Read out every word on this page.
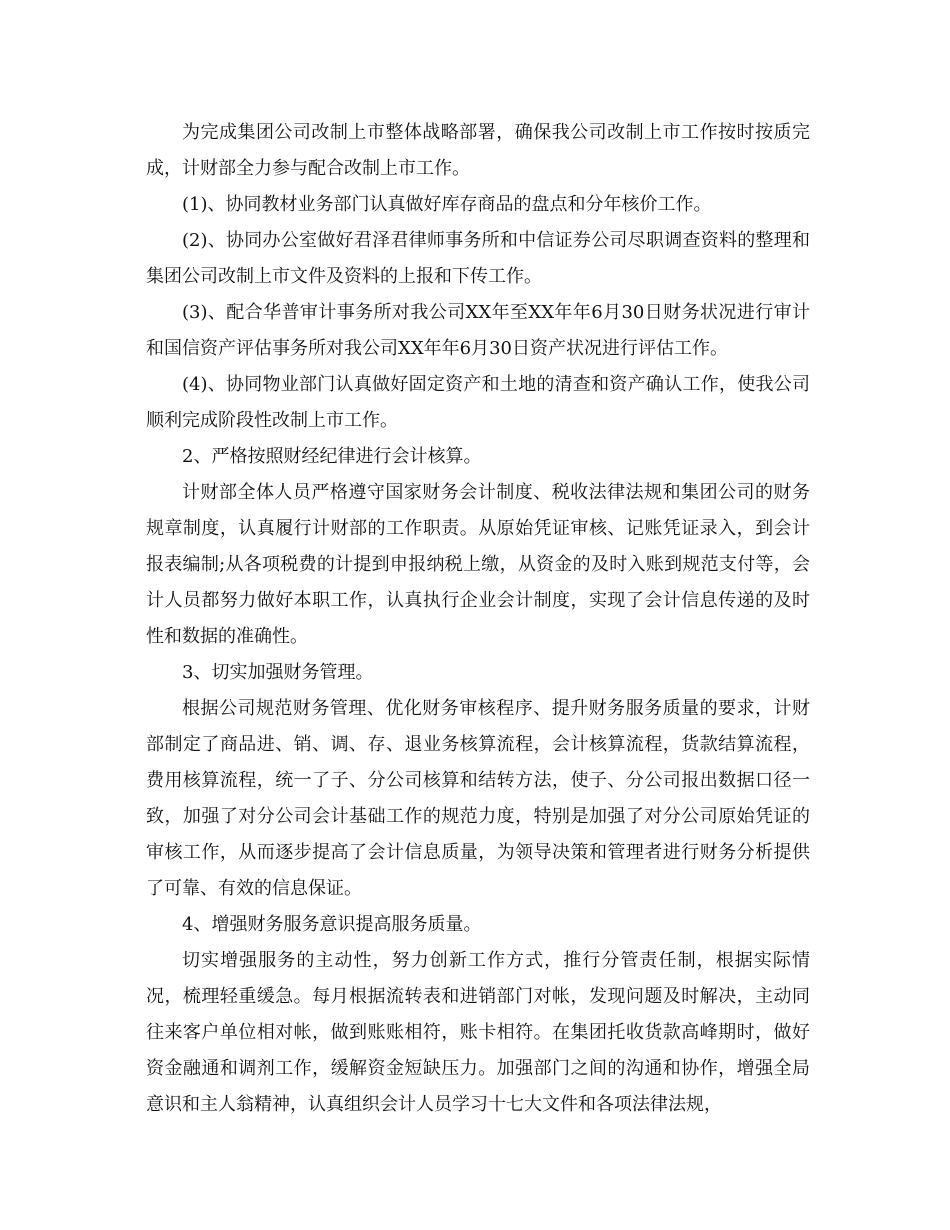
为完成集团公司改制上市整体战略部署，确保我公司改制上市工作按时按质完成，计财部全力参与配合改制上市工作。

(1)、协同教材业务部门认真做好库存商品的盘点和分年核价工作。

(2)、协同办公室做好君泽君律师事务所和中信证券公司尽职调查资料的整理和集团公司改制上市文件及资料的上报和下传工作。

(3)、配合华普审计事务所对我公司XX年至XX年年6月30日财务状况进行审计和国信资产评估事务所对我公司XX年年6月30日资产状况进行评估工作。

(4)、协同物业部门认真做好固定资产和土地的清查和资产确认工作，使我公司顺利完成阶段性改制上市工作。

2、严格按照财经纪律进行会计核算。

计财部全体人员严格遵守国家财务会计制度、税收法律法规和集团公司的财务规章制度，认真履行计财部的工作职责。从原始凭证审核、记账凭证录入，到会计报表编制;从各项税费的计提到申报纳税上缴，从资金的及时入账到规范支付等，会计人员都努力做好本职工作，认真执行企业会计制度，实现了会计信息传递的及时性和数据的准确性。

3、切实加强财务管理。

根据公司规范财务管理、优化财务审核程序、提升财务服务质量的要求，计财部制定了商品进、销、调、存、退业务核算流程，会计核算流程，货款结算流程，费用核算流程，统一了子、分公司核算和结转方法，使子、分公司报出数据口径一致，加强了对分公司会计基础工作的规范力度，特别是加强了对分公司原始凭证的审核工作，从而逐步提高了会计信息质量，为领导决策和管理者进行财务分析提供了可靠、有效的信息保证。

4、增强财务服务意识提高服务质量。

切实增强服务的主动性，努力创新工作方式，推行分管责任制，根据实际情况，梳理轻重缓急。每月根据流转表和进销部门对帐，发现问题及时解决，主动同往来客户单位相对帐，做到账账相符，账卡相符。在集团托收货款高峰期时，做好资金融通和调剂工作，缓解资金短缺压力。加强部门之间的沟通和协作，增强全局意识和主人翁精神，认真组织会计人员学习十七大文件和各项法律法规，
